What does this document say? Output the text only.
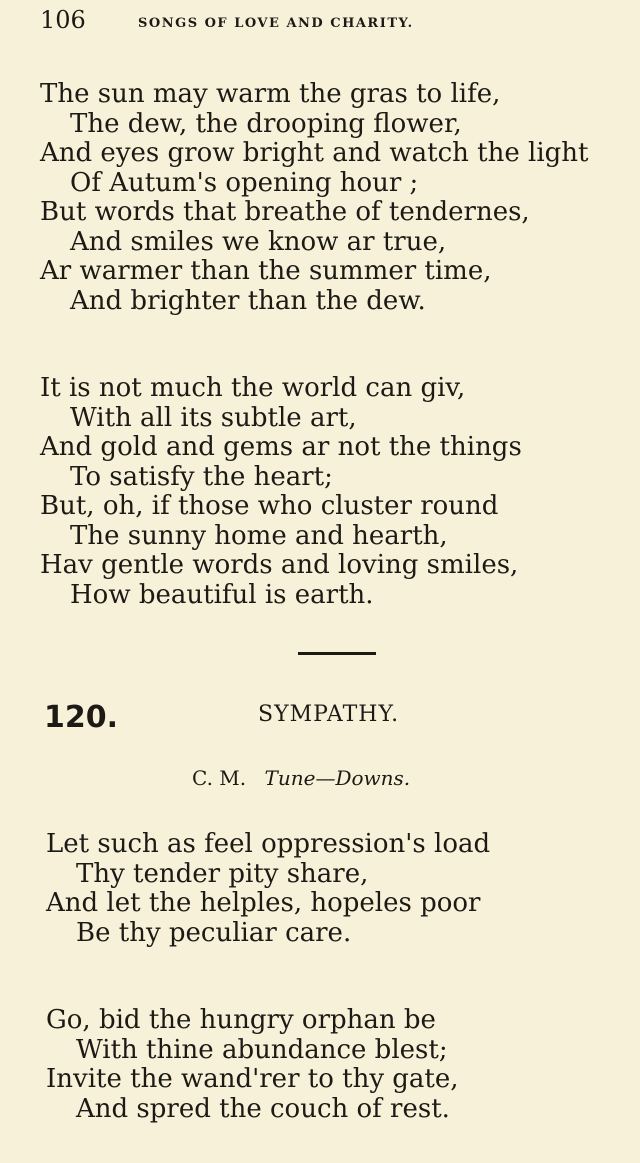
106	SONGS OF LOVE AND CHARITY.
The sun may warm the gras to life,
The dew, the drooping flower,
And eyes grow bright and watch the light
Of Autum's opening hour ;
But words that breathe of tendernes,
And smiles we know ar true,
Ar warmer than the summer time,
And brighter than the dew.
It is not much the world can giv,
With all its subtle art,
And gold and gems ar not the things
To satisfy the heart;
But, oh, if those who cluster round
The sunny home and hearth,
Hav gentle words and loving smiles,
How beautiful is earth.
120.	SYMPATHY.
C. M. Tune—Downs.
Let such as feel oppression's load
Thy tender pity share,
And let the helples, hopeles poor
Be thy peculiar care.
Go, bid the hungry orphan be
With thine abundance blest;
Invite the wand'rer to thy gate,
And spred the couch of rest.
